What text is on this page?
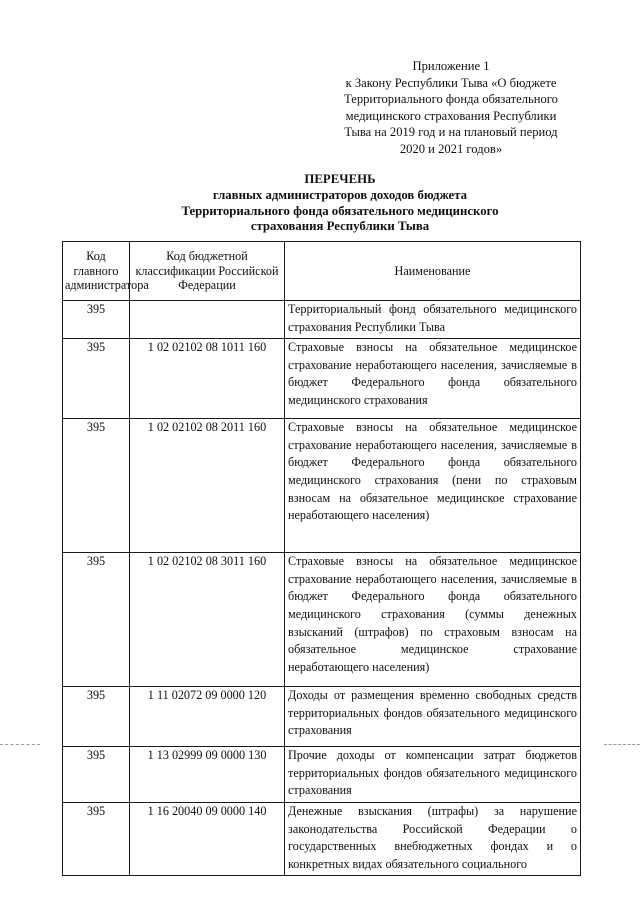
Приложение 1
к Закону Республики Тыва «О бюджете
Территориального фонда обязательного
медицинского страхования Республики
Тыва на 2019 год и на плановый период
2020 и 2021 годов»
ПЕРЕЧЕНЬ
главных администраторов доходов бюджета
Территориального фонда обязательного медицинского
страхования Республики Тыва
Код главного администратора	Код бюджетной классификации Российской Федерации	Наименование
395		Территориальный фонд обязательного медицинского страхования Республики Тыва

395	1 02 02102 08 1011 160	Страховые взносы на обязательное медицинское страхование неработающего населения, зачисляемые в бюджет Федерального фонда обязательного медицинского страхования

395	1 02 02102 08 2011 160	Страховые взносы на обязательное медицинское страхование неработающего населения, зачисляемые в бюджет Федерального фонда обязательного медицинского страхования (пени по страховым взносам на обязательное медицинское страхование неработающего населения)

395	1 02 02102 08 3011 160	Страховые взносы на обязательное медицинское страхование неработающего населения, зачисляемые в бюджет Федерального фонда обязательного медицинского страхования (суммы денежных взысканий (штрафов) по страховым взносам на обязательное медицинское страхование неработающего населения)

395	1 11 02072 09 0000 120	Доходы от размещения временно свободных средств территориальных фондов обязательного медицинского страхования

395	1 13 02999 09 0000 130	Прочие доходы от компенсации затрат бюджетов территориальных фондов обязательного медицинского страхования

395	1 16 20040 09 0000 140	Денежные взыскания (штрафы) за нарушение законодательства Российской Федерации о государственных внебюджетных фондах и о конкретных видах обязательного социального
